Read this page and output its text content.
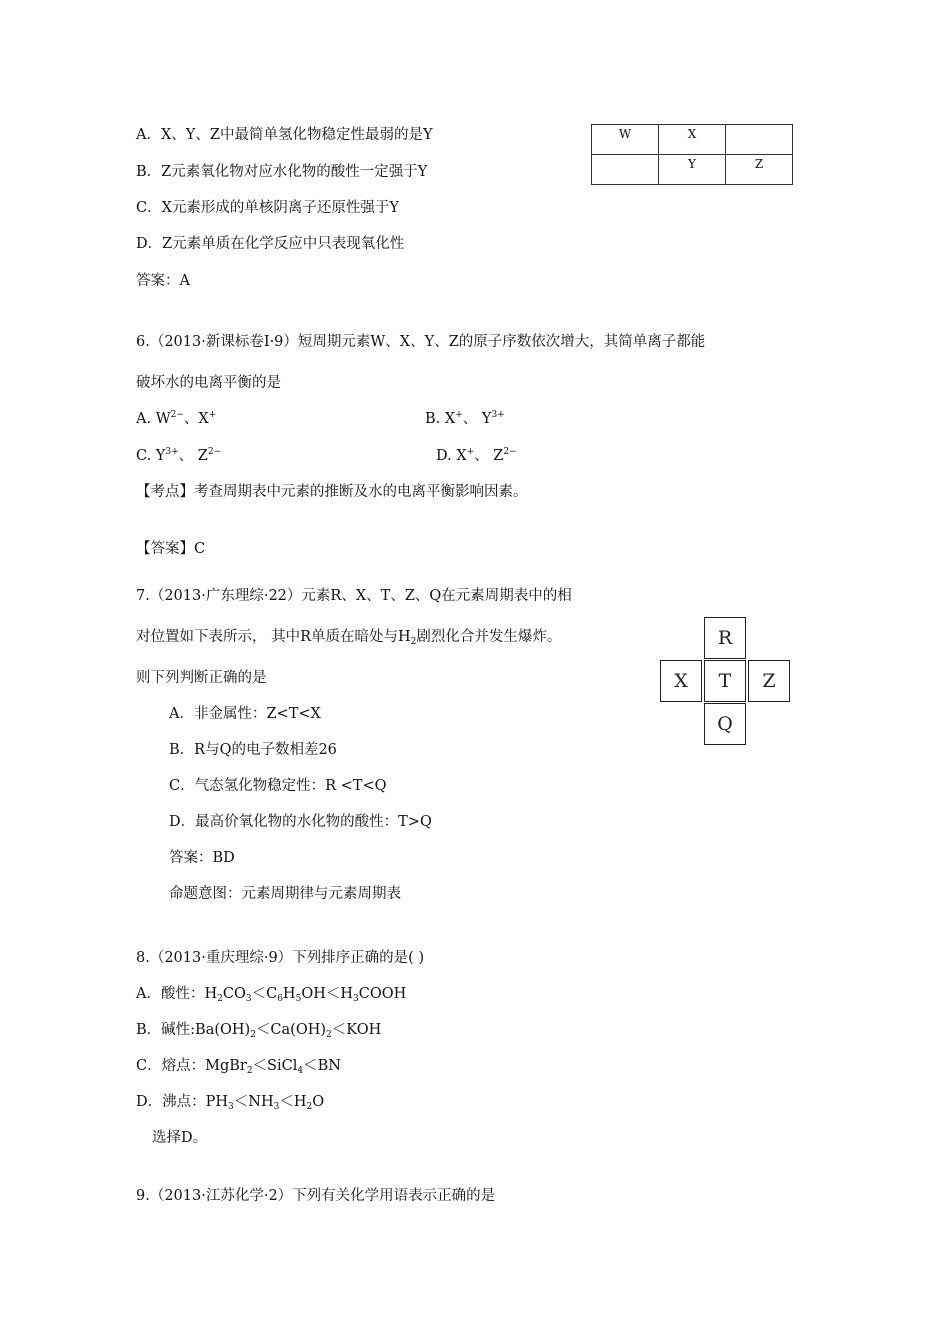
A．X、Y、Z中最简单氢化物稳定性最弱的是Y
B．Z元素氧化物对应水化物的酸性一定强于Y
C．X元素形成的单核阴离子还原性强于Y
D．Z元素单质在化学反应中只表现氧化性
答案：A
W	X	
	Y	Z
6.（2013·新课标卷Ⅰ·9）短周期元素W、X、Y、Z的原子序数依次增大，其简单离子都能
破坏水的电离平衡的是
A. $W^{2-}$、X+	B. X+、 $Y^{3+}$
C. $Y^{3+}$、 $Z^{2-}$	D. X+、 $Z^{2-}$
【考点】考查周期表中元素的推断及水的电离平衡影响因素。
【答案】C
7.（2013·广东理综·22）元素R、X、T、Z、Q在元素周期表中的相
对位置如下表所示， 其中R单质在暗处与$H_2$剧烈化合并发生爆炸。
则下列判断正确的是
A．非金属性：Z<T<X
B．R与Q的电子数相差26
C．气态氢化物稳定性：R <T<Q
D．最高价氧化物的水化物的酸性：T>Q
答案：BD
命题意图：元素周期律与元素周期表
R
X	T	Z
Q
8.（2013·重庆理综·9）下列排序正确的是( )
A．酸性：$H_2CO_3<C_6H_5OH<H_3COOH$
B．碱性$:Ba(OH)_2<Ca(OH)_2<KOH$
C．熔点：MgBr$_2$＜SiCl$_4$＜BN
D．沸点：$PH_3<NH_3<H_2O$
选择D。
9.（2013·江苏化学·2）下列有关化学用语表示正确的是
